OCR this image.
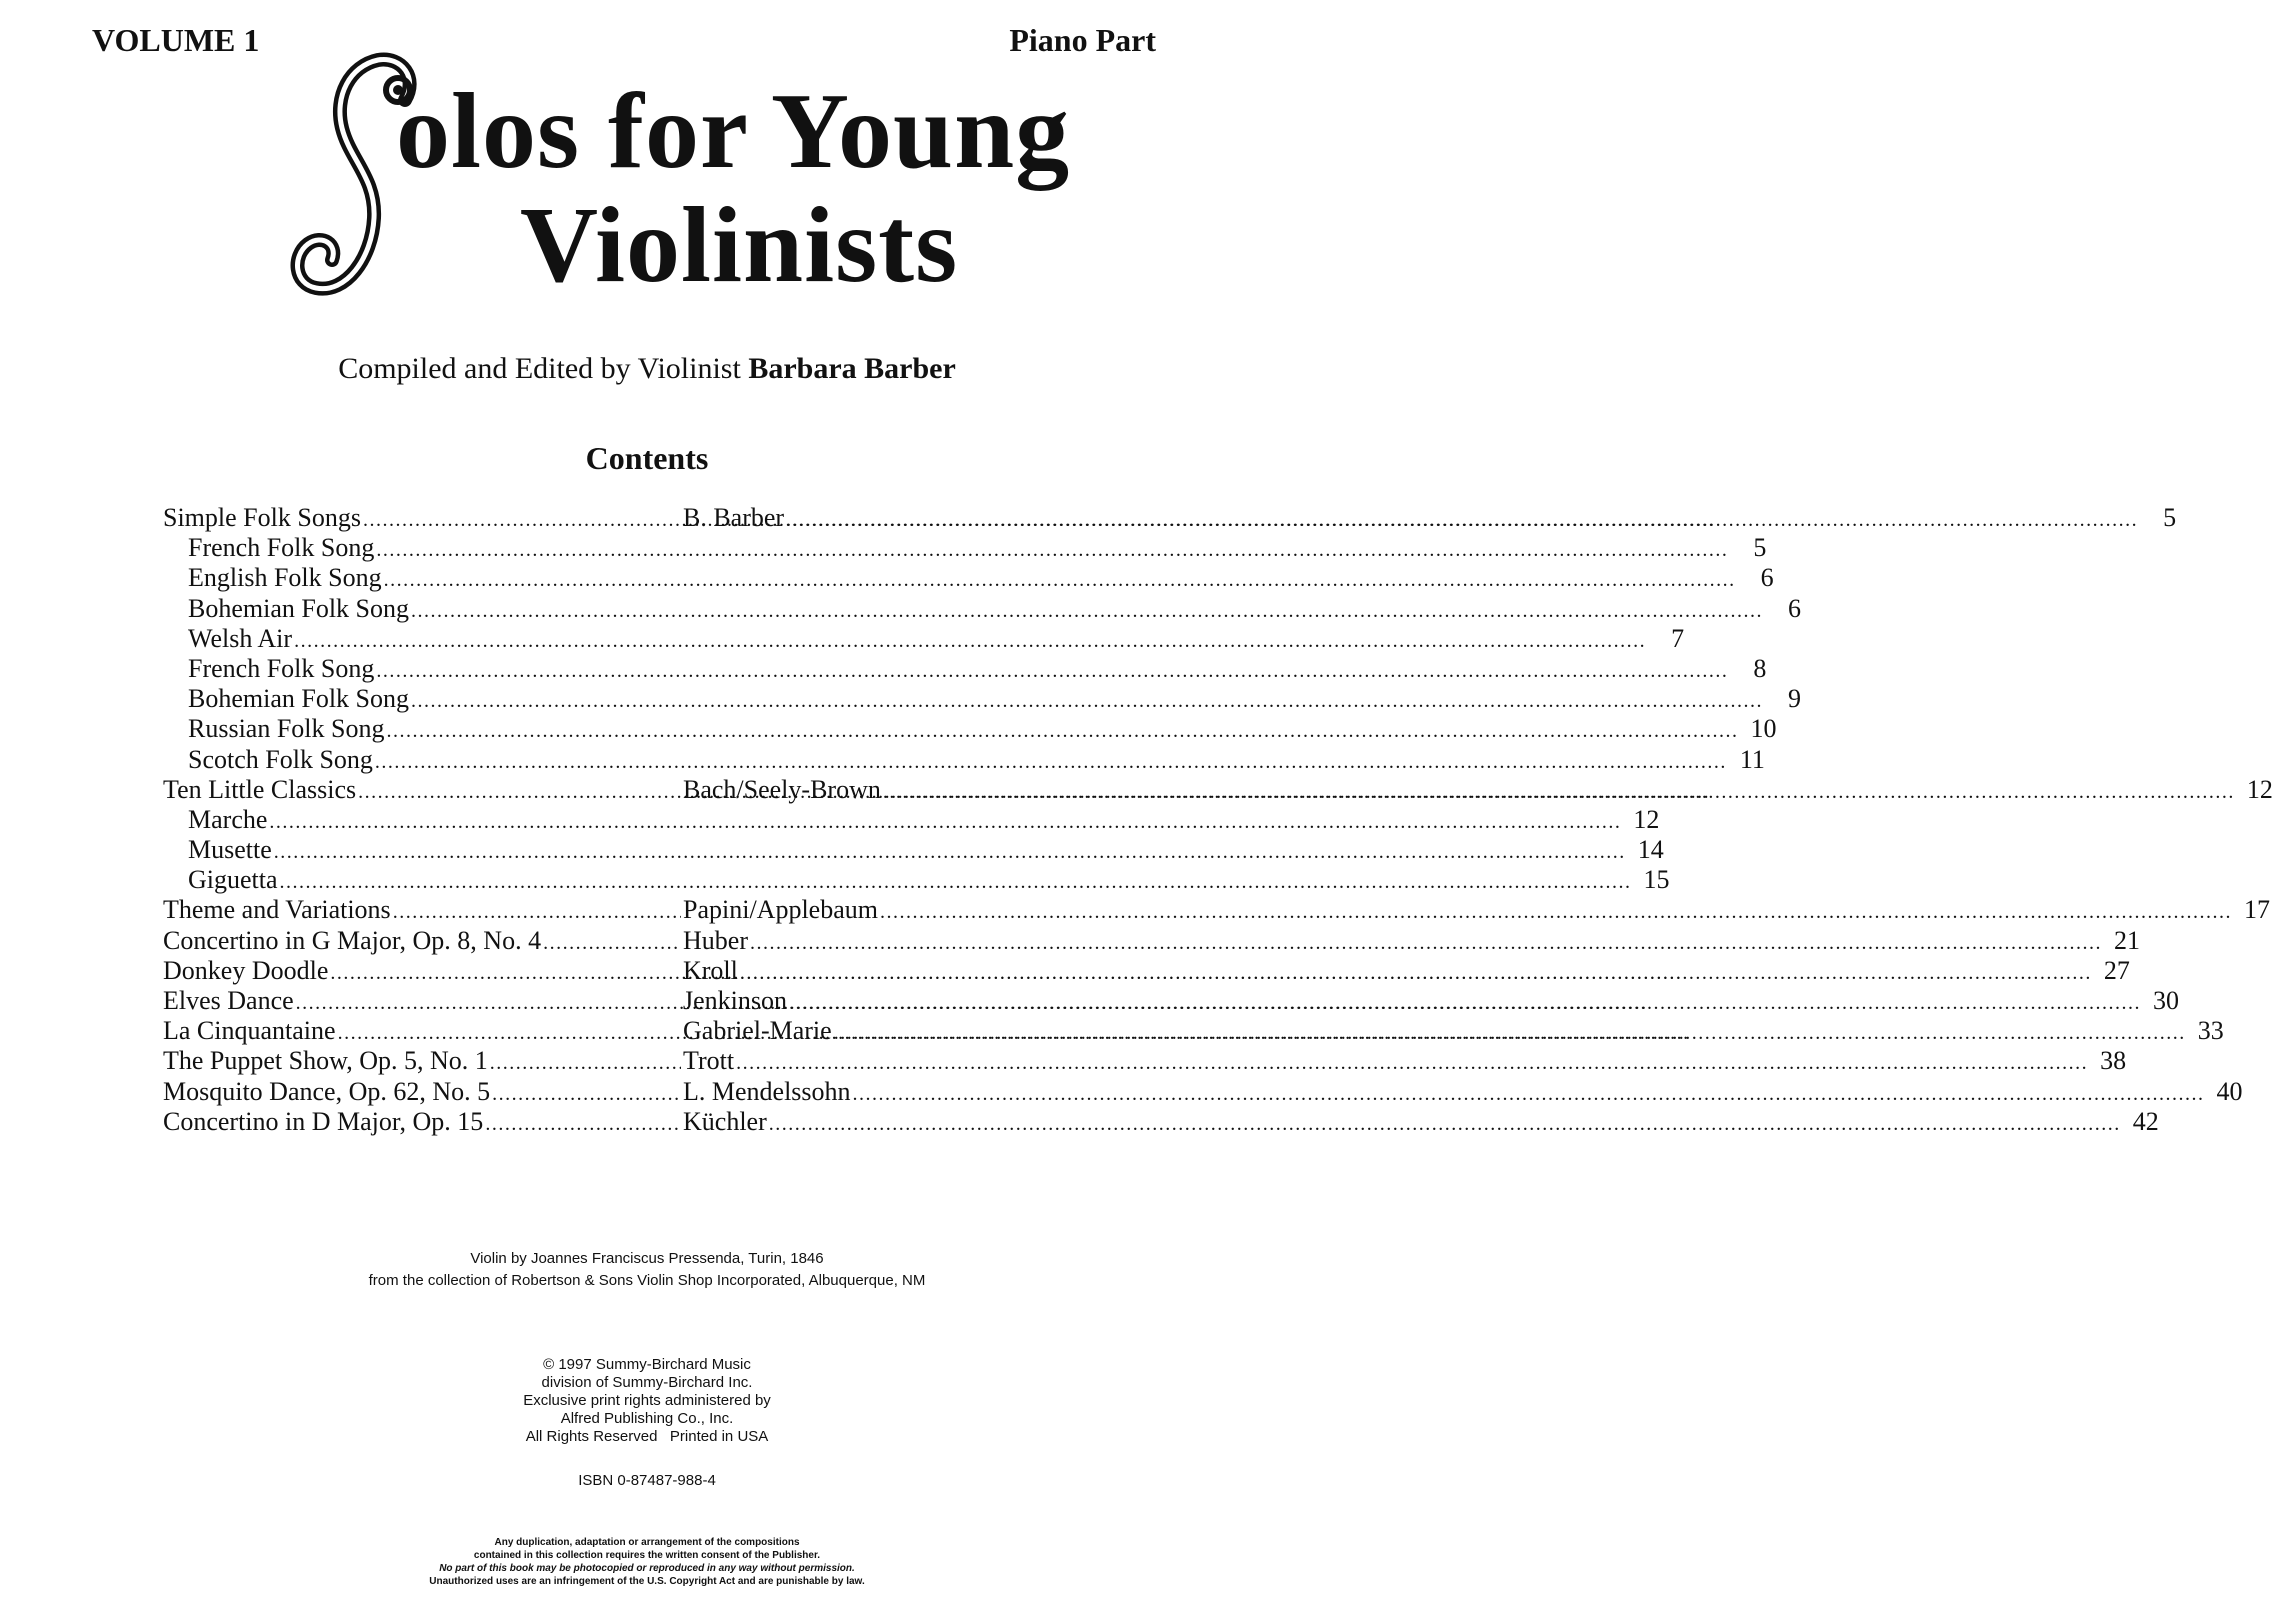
VOLUME 1	Piano Part
olos for Young
Violinists
Compiled and Edited by Violinist Barbara Barber
Contents
Simple Folk Songs .....	B. Barber .....	5
French Folk Song .....	5
English Folk Song .....	6
Bohemian Folk Song .....	6
Welsh Air .....	7
French Folk Song .....	8
Bohemian Folk Song .....	9
Russian Folk Song .....	10
Scotch Folk Song .....	11
Ten Little Classics .....	Bach/Seely-Brown .....	12
Marche .....	12
Musette .....	14
Giguetta .....	15
Theme and Variations .....	Papini/Applebaum .....	17
Concertino in G Major, Op. 8, No. 4 .....	Huber .....	21
Donkey Doodle .....	Kroll .....	27
Elves Dance .....	Jenkinson .....	30
La Cinquantaine .....	Gabriel-Marie .....	33
The Puppet Show, Op. 5, No. 1 .....	Trott .....	38
Mosquito Dance, Op. 62, No. 5 .....	L. Mendelssohn .....	40
Concertino in D Major, Op. 15 .....	Küchler .....	42
Violin by Joannes Franciscus Pressenda, Turin, 1846
from the collection of Robertson & Sons Violin Shop Incorporated, Albuquerque, NM
© 1997 Summy-Birchard Music
division of Summy-Birchard Inc.
Exclusive print rights administered by
Alfred Publishing Co., Inc.
All Rights Reserved   Printed in USA
ISBN 0-87487-988-4
Any duplication, adaptation or arrangement of the compositions
contained in this collection requires the written consent of the Publisher.
No part of this book may be photocopied or reproduced in any way without permission.
Unauthorized uses are an infringement of the U.S. Copyright Act and are punishable by law.
